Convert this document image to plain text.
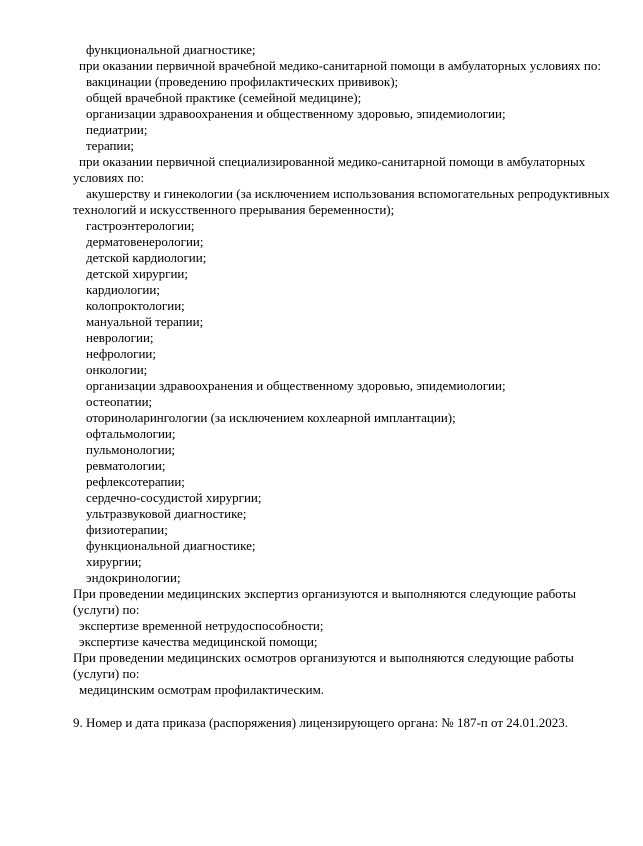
функциональной диагностике;
при оказании первичной врачебной медико-санитарной помощи в амбулаторных условиях по:
вакцинации (проведению профилактических прививок);
общей врачебной практике (семейной медицине);
организации здравоохранения и общественному здоровью, эпидемиологии;
педиатрии;
терапии;
при оказании первичной специализированной медико-санитарной помощи в амбулаторных условиях по:
акушерству и гинекологии (за исключением использования вспомогательных репродуктивных технологий и искусственного прерывания беременности);
гастроэнтерологии;
дерматовенерологии;
детской кардиологии;
детской хирургии;
кардиологии;
колопроктологии;
мануальной терапии;
неврологии;
нефрологии;
онкологии;
организации здравоохранения и общественному здоровью, эпидемиологии;
остеопатии;
оториноларингологии (за исключением кохлеарной имплантации);
офтальмологии;
пульмонологии;
ревматологии;
рефлексотерапии;
сердечно-сосудистой хирургии;
ультразвуковой диагностике;
физиотерапии;
функциональной диагностике;
хирургии;
эндокринологии;
При проведении медицинских экспертиз организуются и выполняются следующие работы (услуги) по:
экспертизе временной нетрудоспособности;
экспертизе качества медицинской помощи;
При проведении медицинских осмотров организуются и выполняются следующие работы (услуги) по:
медицинским осмотрам профилактическим.
9. Номер и дата приказа (распоряжения) лицензирующего органа: № 187-п от 24.01.2023.
